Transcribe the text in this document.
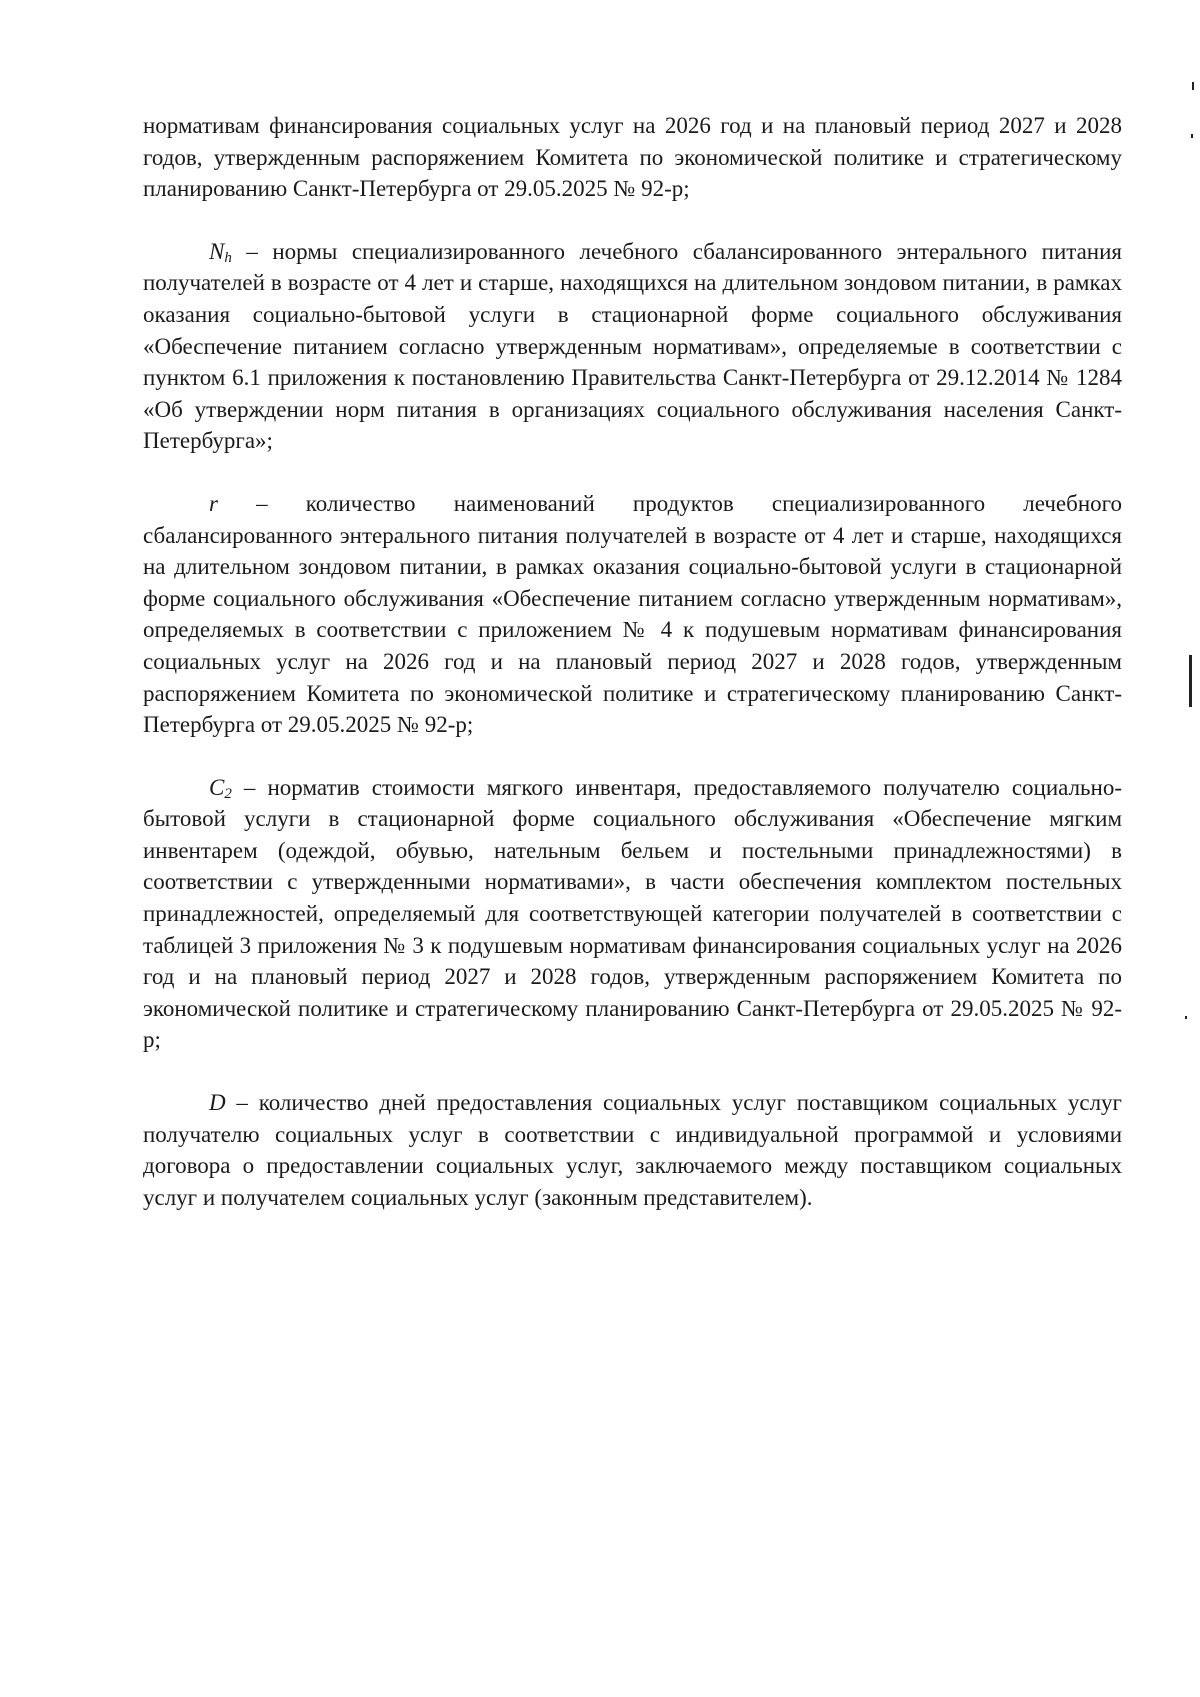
нормативам финансирования социальных услуг на 2026 год и на плановый период 2027 и 2028 годов, утвержденным распоряжением Комитета по экономической политике и стратегическому планированию Санкт-Петербурга от 29.05.2025 № 92-р;

$N_h$ – нормы специализированного лечебного сбалансированного энтерального питания получателей в возрасте от 4 лет и старше, находящихся на длительном зондовом питании, в рамках оказания социально-бытовой услуги в стационарной форме социального обслуживания «Обеспечение питанием согласно утвержденным нормативам», определяемые в соответствии с пунктом 6.1 приложения к постановлению Правительства Санкт-Петербурга от 29.12.2014 № 1284 «Об утверждении норм питания в организациях социального обслуживания населения Санкт-Петербурга»;

r – количество наименований продуктов специализированного лечебного сбалансированного энтерального питания получателей в возрасте от 4 лет и старше, находящихся на длительном зондовом питании, в рамках оказания социально-бытовой услуги в стационарной форме социального обслуживания «Обеспечение питанием согласно утвержденным нормативам», определяемых в соответствии с приложением № 4 к подушевым нормативам финансирования социальных услуг на 2026 год и на плановый период 2027 и 2028 годов, утвержденным распоряжением Комитета по экономической политике и стратегическому планированию Санкт-Петербурга от 29.05.2025 № 92-р;

$C_2$ – норматив стоимости мягкого инвентаря, предоставляемого получателю социально-бытовой услуги в стационарной форме социального обслуживания «Обеспечение мягким инвентарем (одеждой, обувью, нательным бельем и постельными принадлежностями) в соответствии с утвержденными нормативами», в части обеспечения комплектом постельных принадлежностей, определяемый для соответствующей категории получателей в соответствии с таблицей 3 приложения № 3 к подушевым нормативам финансирования социальных услуг на 2026 год и на плановый период 2027 и 2028 годов, утвержденным распоряжением Комитета по экономической политике и стратегическому планированию Санкт-Петербурга от 29.05.2025 № 92-р;

D – количество дней предоставления социальных услуг поставщиком социальных услуг получателю социальных услуг в соответствии с индивидуальной программой и условиями договора о предоставлении социальных услуг, заключаемого между поставщиком социальных услуг и получателем социальных услуг (законным представителем).
